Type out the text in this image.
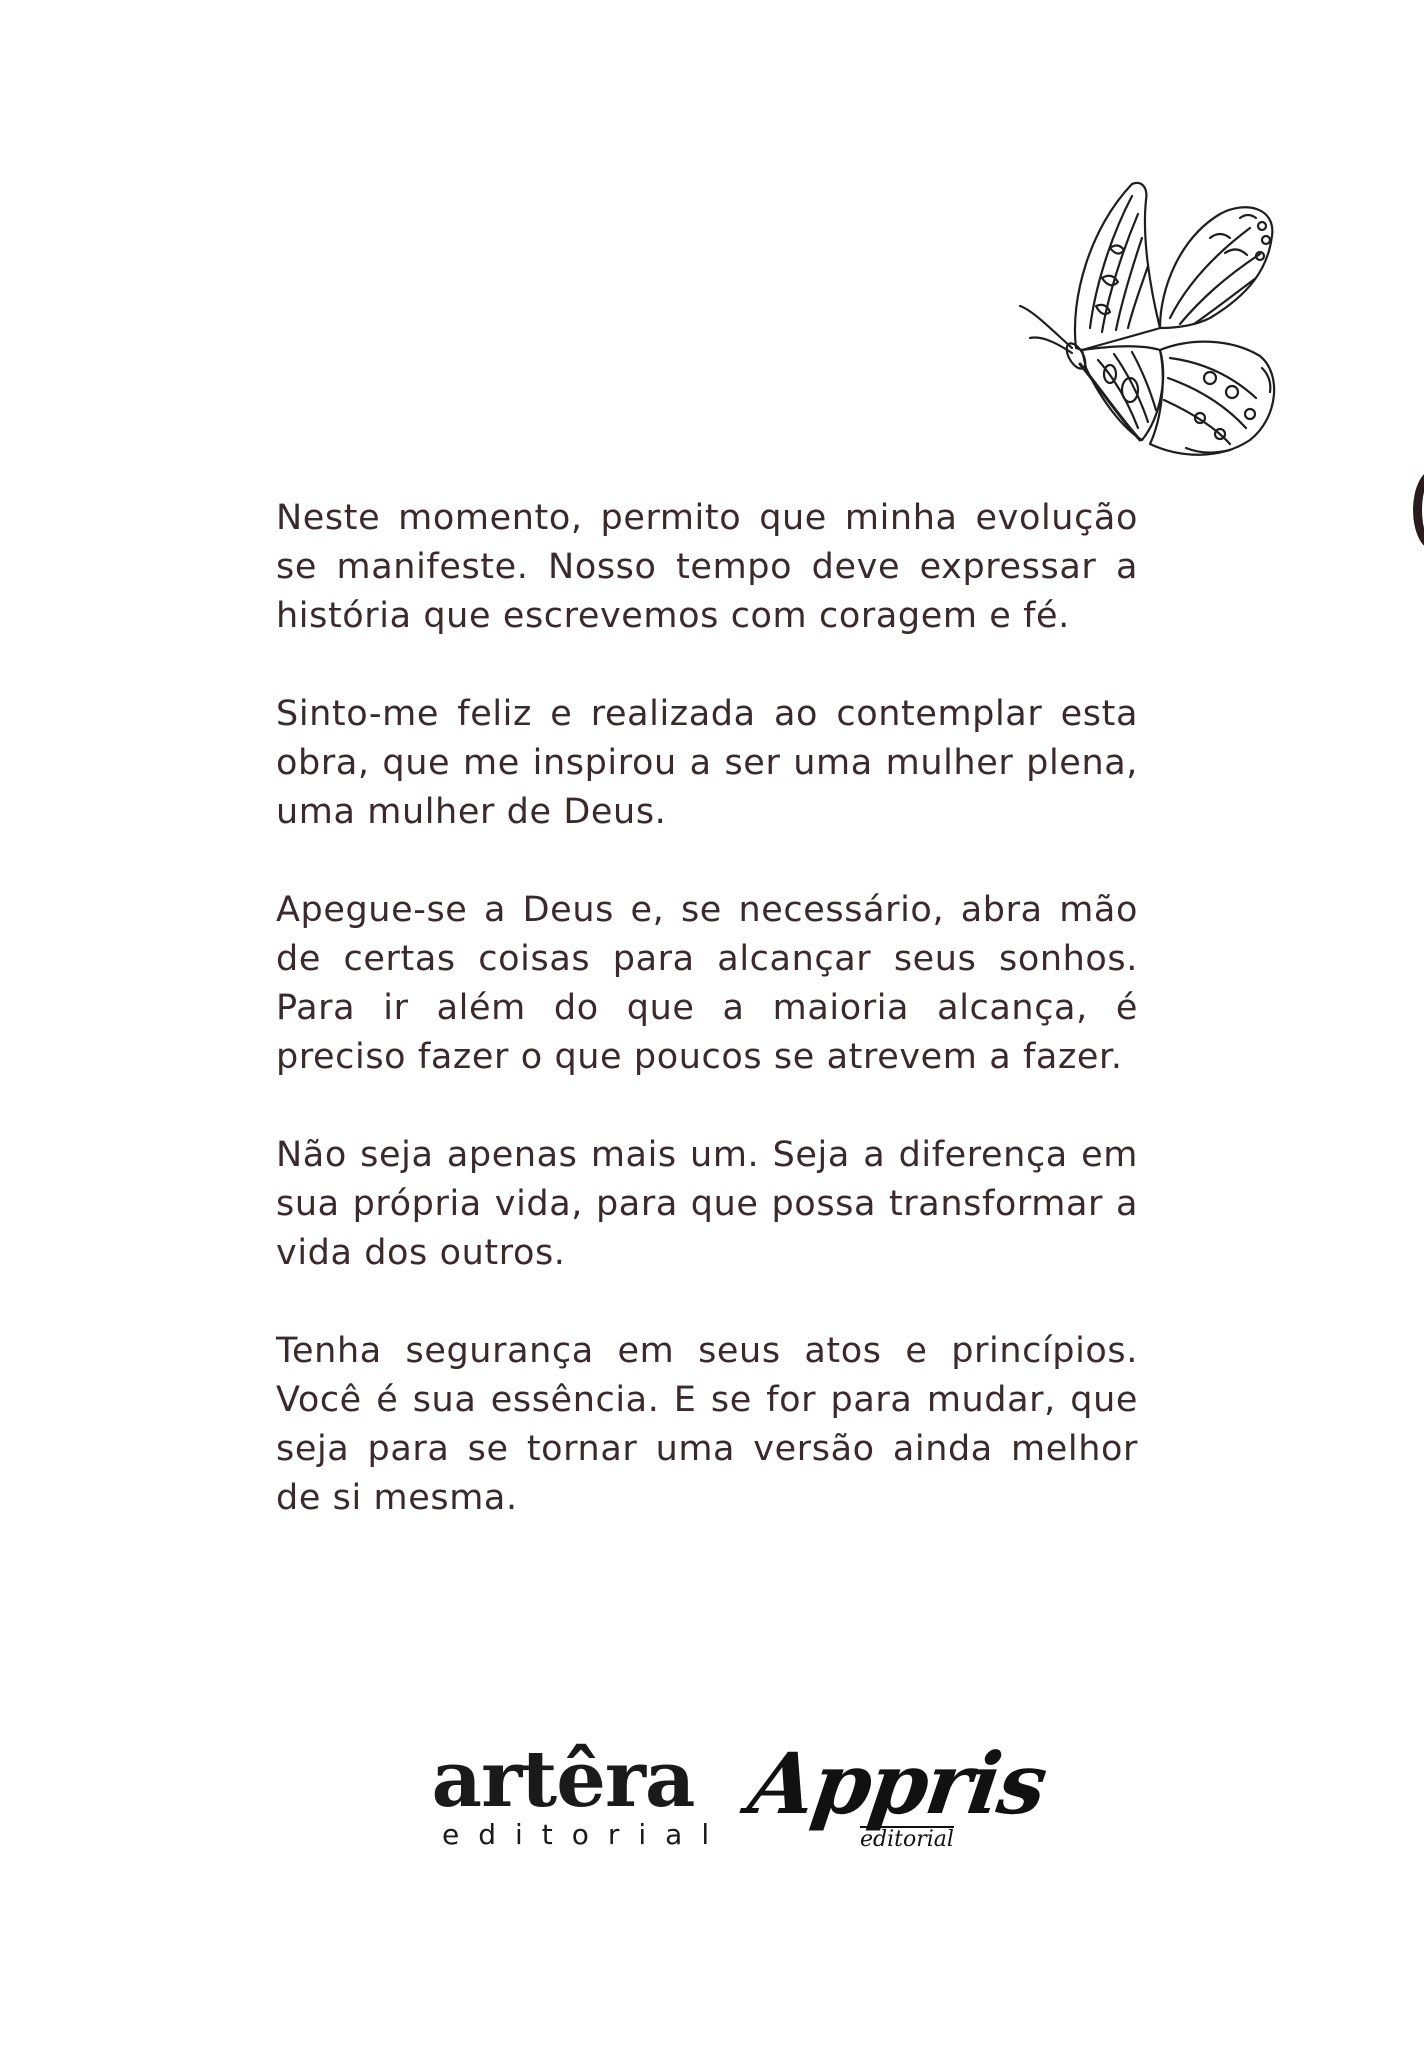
Neste momento, permito que minha evolução se manifeste. Nosso tempo deve expressar a história que escrevemos com coragem e fé.

Sinto-me feliz e realizada ao contemplar esta obra, que me inspirou a ser uma mulher plena, uma mulher de Deus.

Apegue-se a Deus e, se necessário, abra mão de certas coisas para alcançar seus sonhos. Para ir além do que a maioria alcança, é preciso fazer o que poucos se atrevem a fazer.

Não seja apenas mais um. Seja a diferença em sua própria vida, para que possa transformar a vida dos outros.

Tenha segurança em seus atos e princípios. Você é sua essência. E se for para mudar, que seja para se tornar uma versão ainda melhor de si mesma.

artêra
editorial
Appris
editorial
